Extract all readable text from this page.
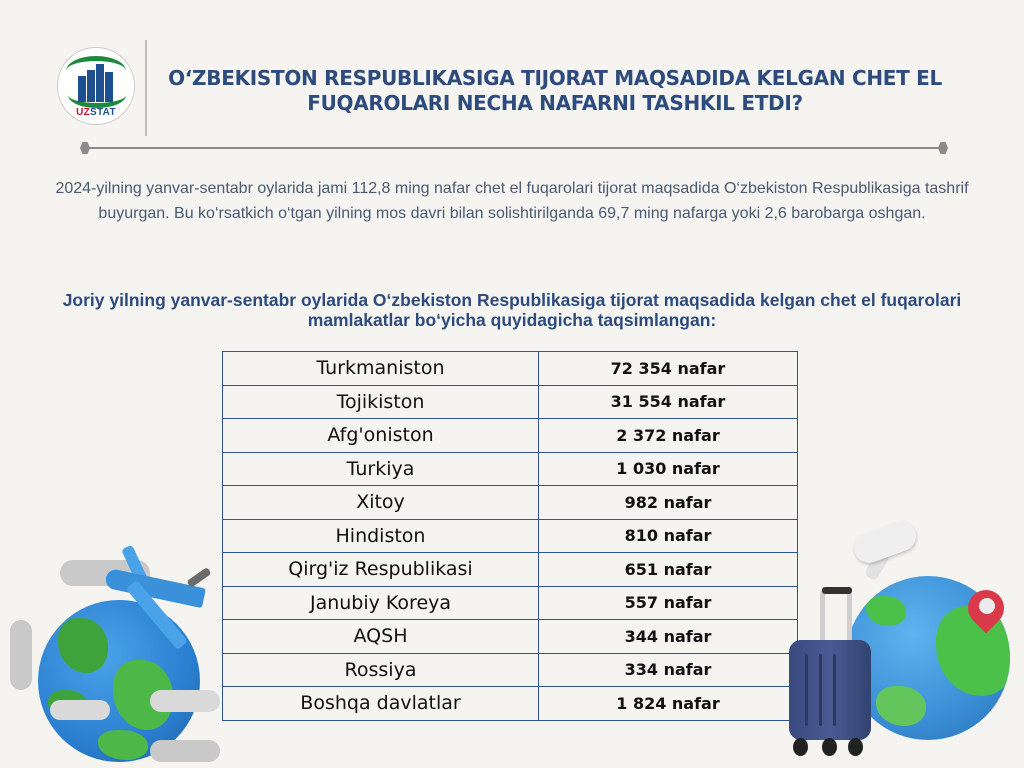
UZSTAT
O‘ZBEKISTON RESPUBLIKASIGA TIJORAT MAQSADIDA KELGAN CHET EL FUQAROLARI NECHA NAFARNI TASHKIL ETDI?
2024-yilning yanvar-sentabr oylarida jami 112,8 ming nafar chet el fuqarolari tijorat maqsadida O‘zbekiston Respublikasiga tashrif buyurgan. Bu ko‘rsatkich o‘tgan yilning mos davri bilan solishtirilganda 69,7 ming nafarga yoki 2,6 barobarga oshgan.
Joriy yilning yanvar-sentabr oylarida O‘zbekiston Respublikasiga tijorat maqsadida kelgan chet el fuqarolari mamlakatlar bo‘yicha quyidagicha taqsimlangan:
Turkmaniston	72 354 nafar
Tojikiston	31 554 nafar
Afg'oniston	2 372 nafar
Turkiya	1 030 nafar
Xitoy	982 nafar
Hindiston	810 nafar
Qirg'iz Respublikasi	651 nafar
Janubiy Koreya	557 nafar
AQSH	344 nafar
Rossiya	334 nafar
Boshqa davlatlar	1 824 nafar
